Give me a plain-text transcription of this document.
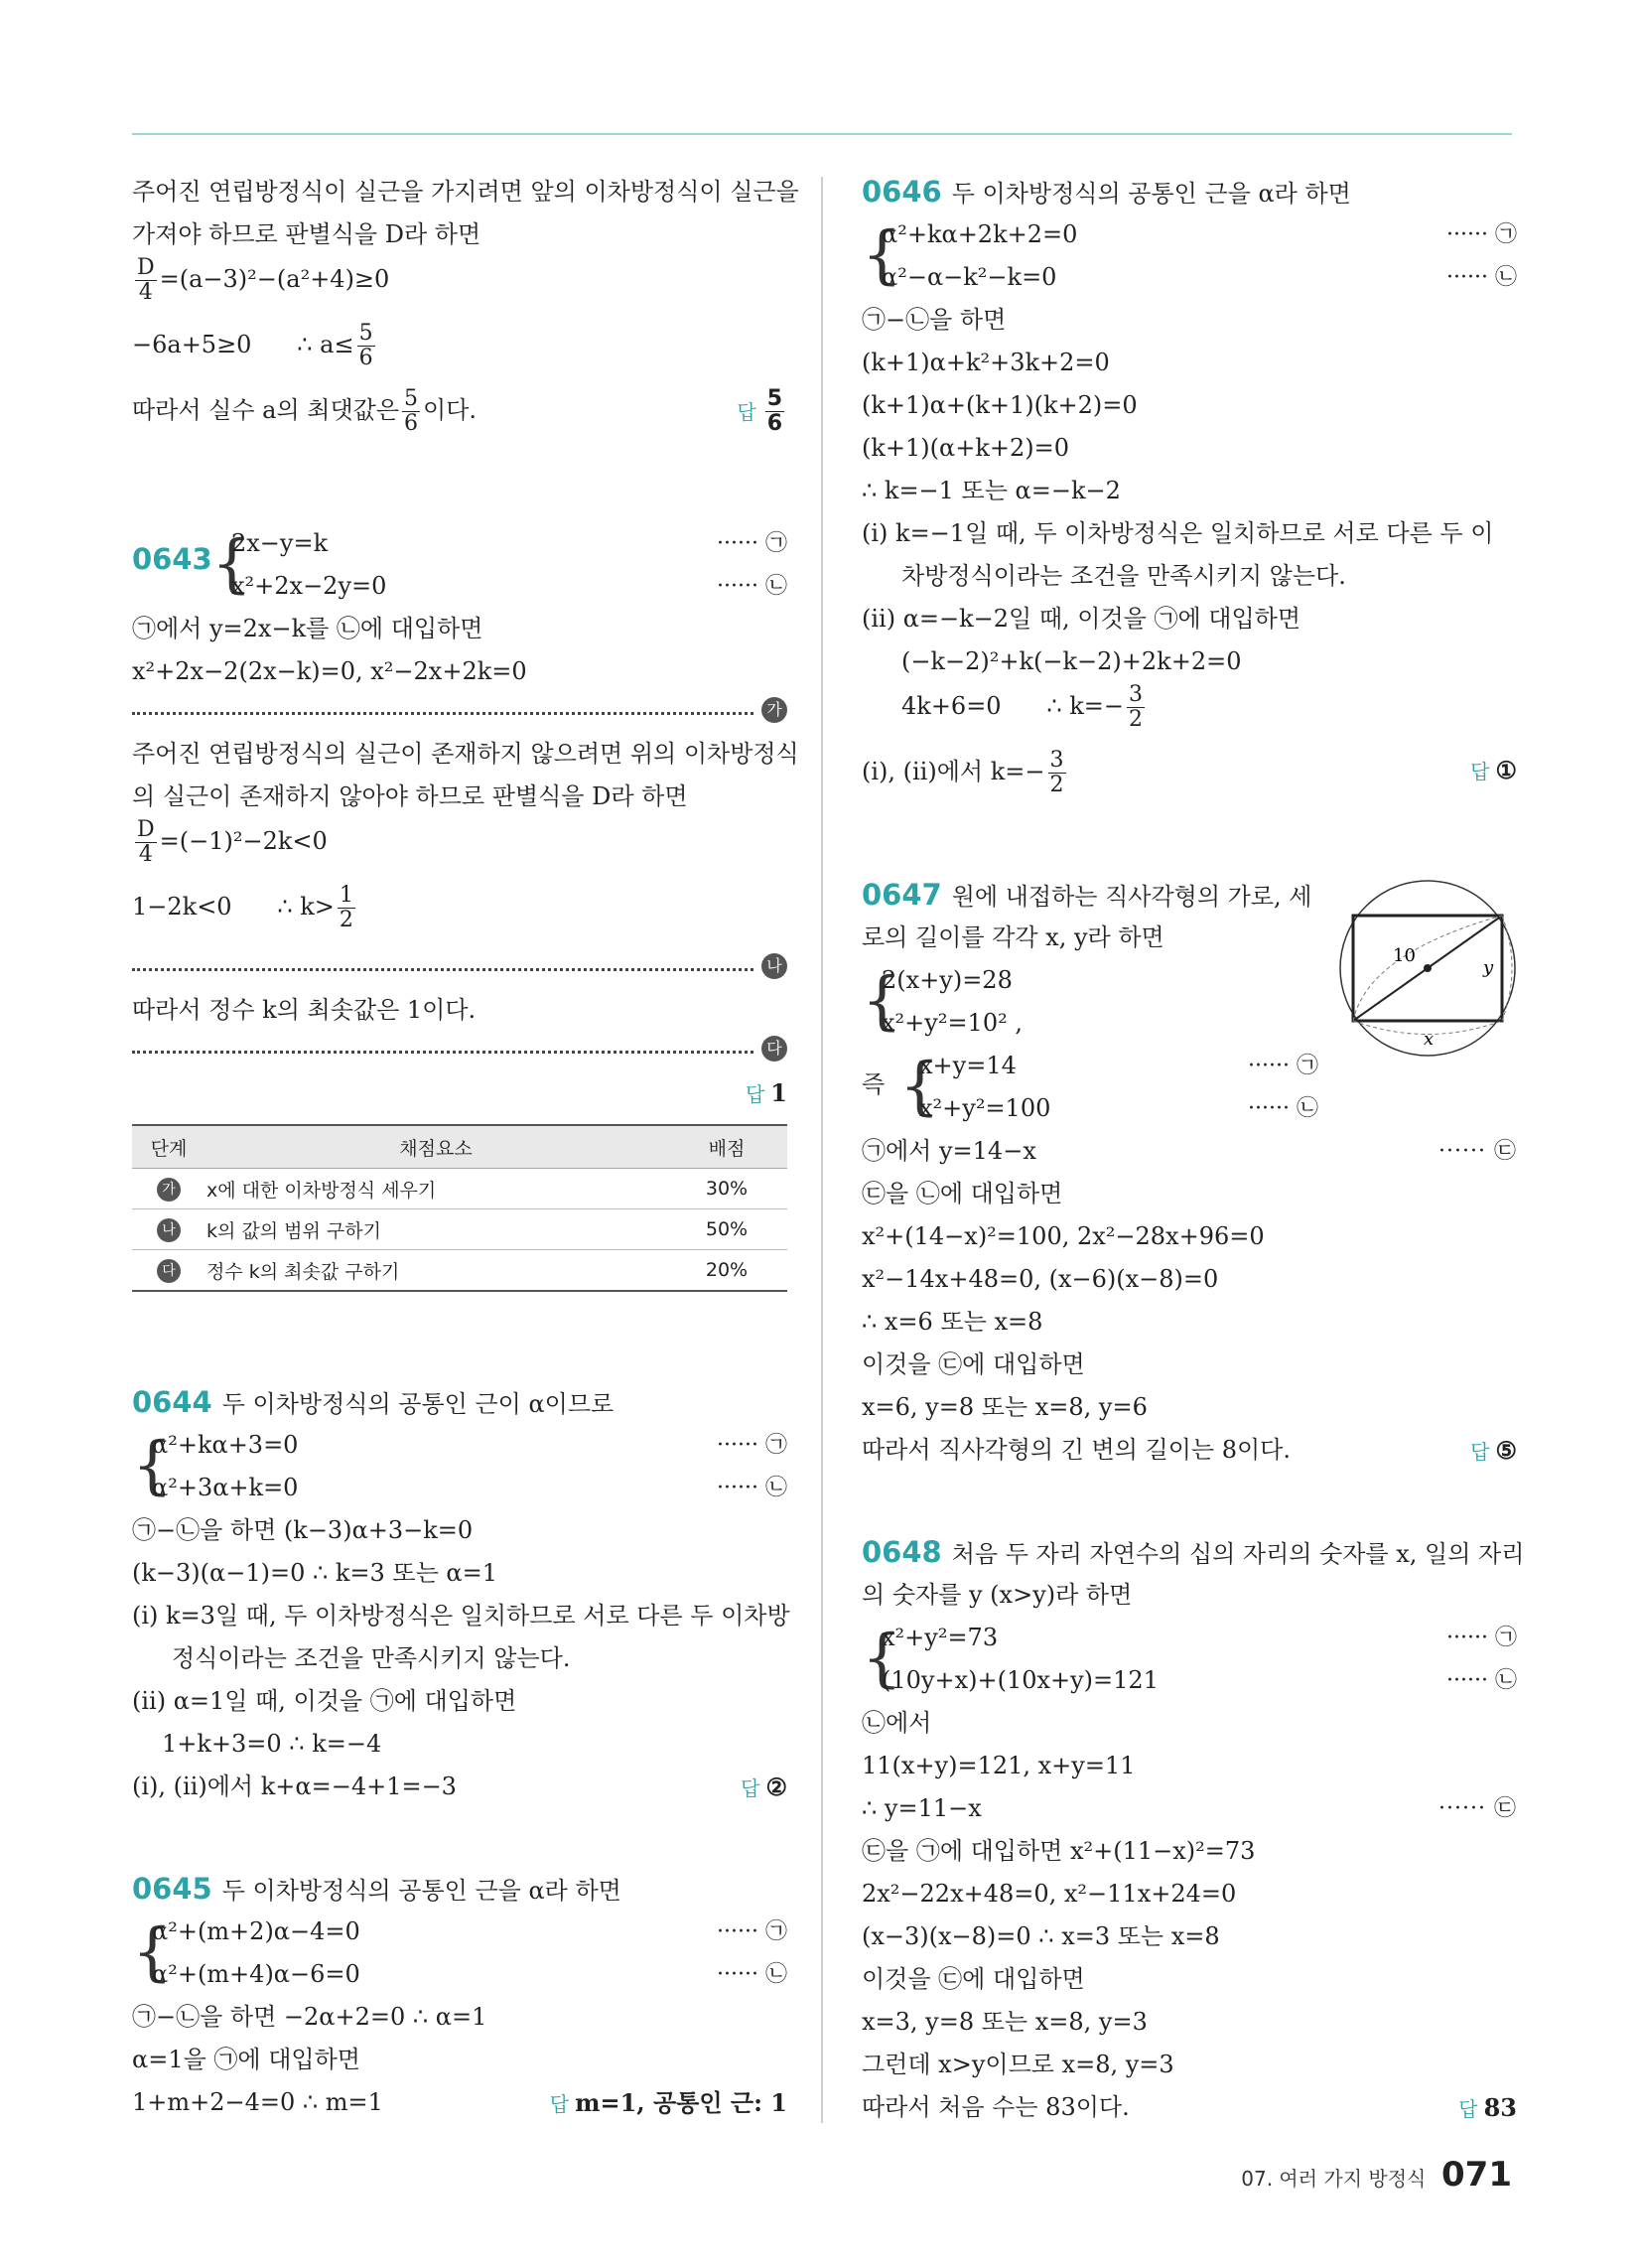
주어진 연립방정식이 실근을 가지려면 앞의 이차방정식이 실근을
가져야 하므로 판별식을 D라 하면
$\frac{D}{4} =(a-3)^2-(a^2+4)\ge 0$
−6a+5≥0 ∴ $a\le \frac{5}{6}$
따라서 실수 a의 최댓값은 $\frac{5}{6}$ 이다.	답 $\frac{5}{6}$
0643 {
2x−y=k	······ ㉠
x²+2x−2y=0	······ ㉡
㉠에서 y=2x−k를 ㉡에 대입하면
x²+2x−2(2x−k)=0, x²−2x+2k=0
가
주어진 연립방정식의 실근이 존재하지 않으려면 위의 이차방정식
의 실근이 존재하지 않아야 하므로 판별식을 D라 하면
$\frac{D}{4} =(-1)^2-2k<0$
1−2k<0 ∴ $k> \frac{1}{2}$
나
따라서 정수 k의 최솟값은 1이다.
다
답 1
단계	채점요소	배점
가	x에 대한 이차방정식 세우기	30%
나	k의 값의 범위 구하기	50%
다	정수 k의 최솟값 구하기	20%
0644 두 이차방정식의 공통인 근이 α이므로
{
α²+kα+3=0	······ ㉠
α²+3α+k=0	······ ㉡
㉠−㉡을 하면 (k−3)α+3−k=0
(k−3)(α−1)=0 ∴ k=3 또는 α=1
(ⅰ) k=3일 때, 두 이차방정식은 일치하므로 서로 다른 두 이차방
정식이라는 조건을 만족시키지 않는다.
(ⅱ) α=1일 때, 이것을 ㉠에 대입하면
1+k+3=0 ∴ k=−4
(ⅰ), (ⅱ)에서 k+α=−4+1=−3	답 ②
0645 두 이차방정식의 공통인 근을 α라 하면
{
α²+(m+2)α−4=0	······ ㉠
α²+(m+4)α−6=0	······ ㉡
㉠−㉡을 하면 −2α+2=0 ∴ α=1
α=1을 ㉠에 대입하면
1+m+2−4=0 ∴ m=1	답 m=1, 공통인 근: 1
0646 두 이차방정식의 공통인 근을 α라 하면
{
α²+kα+2k+2=0	······ ㉠
α²−α−k²−k=0	······ ㉡
㉠−㉡을 하면
(k+1)α+k²+3k+2=0
(k+1)α+(k+1)(k+2)=0
(k+1)(α+k+2)=0
∴ k=−1 또는 α=−k−2
(ⅰ) k=−1일 때, 두 이차방정식은 일치하므로 서로 다른 두 이
차방정식이라는 조건을 만족시키지 않는다.
(ⅱ) α=−k−2일 때, 이것을 ㉠에 대입하면
(−k−2)²+k(−k−2)+2k+2=0
4k+6=0 ∴ $k=- \frac{3}{2}$
(ⅰ), (ⅱ)에서 $k=- \frac{3}{2}$	답 ①
10
y
x
0647 원에 내접하는 직사각형의 가로, 세
로의 길이를 각각 x, y라 하면
{
2(x+y)=28
x²+y²=10² ,
즉 {
x+y=14	······ ㉠
x²+y²=100	······ ㉡
㉠에서 y=14−x	······ ㉢
㉢을 ㉡에 대입하면
x²+(14−x)²=100, 2x²−28x+96=0
x²−14x+48=0, (x−6)(x−8)=0
∴ x=6 또는 x=8
이것을 ㉢에 대입하면
x=6, y=8 또는 x=8, y=6
따라서 직사각형의 긴 변의 길이는 8이다.	답 ⑤
0648 처음 두 자리 자연수의 십의 자리의 숫자를 x, 일의 자리
의 숫자를 y (x>y)라 하면
{
x²+y²=73	······ ㉠
(10y+x)+(10x+y)=121	······ ㉡
㉡에서
11(x+y)=121, x+y=11
∴ y=11−x	······ ㉢
㉢을 ㉠에 대입하면 x²+(11−x)²=73
2x²−22x+48=0, x²−11x+24=0
(x−3)(x−8)=0 ∴ x=3 또는 x=8
이것을 ㉢에 대입하면
x=3, y=8 또는 x=8, y=3
그런데 x>y이므로 x=8, y=3
따라서 처음 수는 83이다.	답 83
07. 여러 가지 방정식 071
